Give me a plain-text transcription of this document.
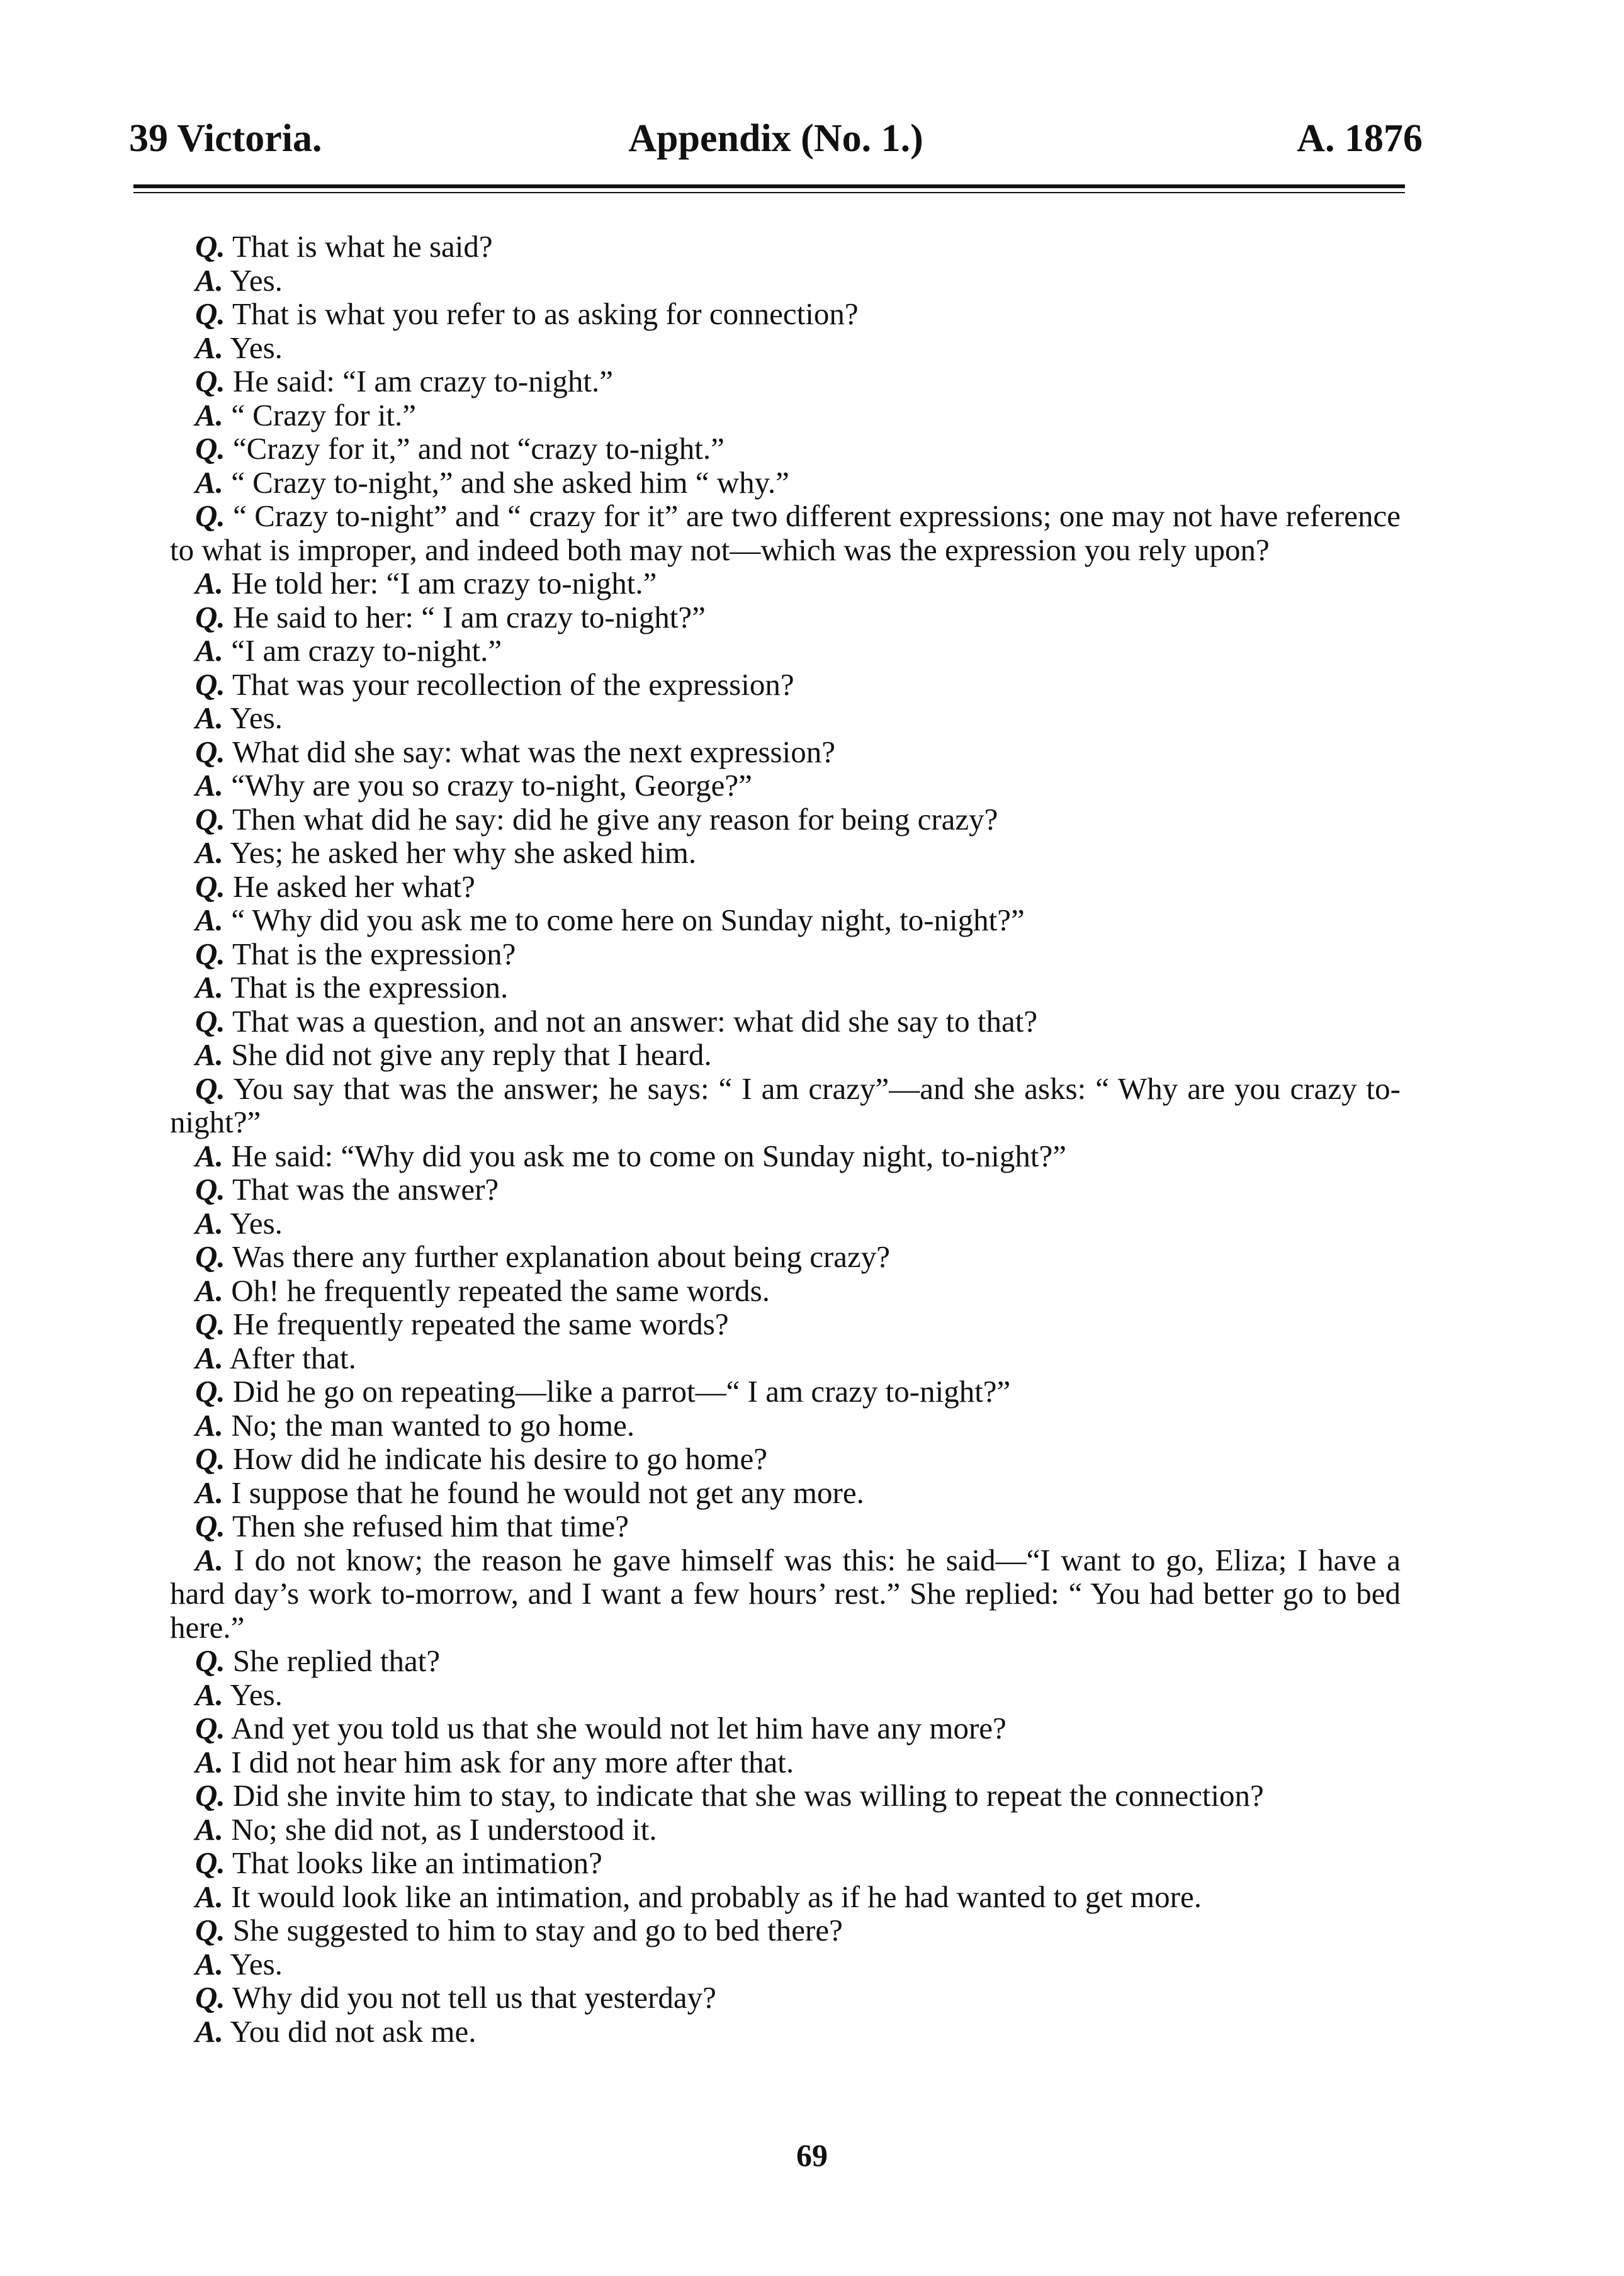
39 Victoria.	Appendix (No. 1.)	A. 1876
Q. That is what he said?
A. Yes.
Q. That is what you refer to as asking for connection?
A. Yes.
Q. He said: “I am crazy to-night.”
A. “ Crazy for it.”
Q. “Crazy for it,” and not “crazy to-night.”
A. “ Crazy to-night,” and she asked him “ why.”
Q. “ Crazy to-night” and “ crazy for it” are two different expressions; one may not have reference to what is improper, and indeed both may not—which was the expression you rely upon?
A. He told her: “I am crazy to-night.”
Q. He said to her: “ I am crazy to-night?”
A. “I am crazy to-night.”
Q. That was your recollection of the expression?
A. Yes.
Q. What did she say: what was the next expression?
A. “Why are you so crazy to-night, George?”
Q. Then what did he say: did he give any reason for being crazy?
A. Yes; he asked her why she asked him.
Q. He asked her what?
A. “ Why did you ask me to come here on Sunday night, to-night?”
Q. That is the expression?
A. That is the expression.
Q. That was a question, and not an answer: what did she say to that?
A. She did not give any reply that I heard.
Q. You say that was the answer; he says: “ I am crazy”—and she asks: “ Why are you crazy to-night?”
A. He said: “Why did you ask me to come on Sunday night, to-night?”
Q. That was the answer?
A. Yes.
Q. Was there any further explanation about being crazy?
A. Oh! he frequently repeated the same words.
Q. He frequently repeated the same words?
A. After that.
Q. Did he go on repeating—like a parrot—“ I am crazy to-night?”
A. No; the man wanted to go home.
Q. How did he indicate his desire to go home?
A. I suppose that he found he would not get any more.
Q. Then she refused him that time?
A. I do not know; the reason he gave himself was this: he said—“I want to go, Eliza; I have a hard day’s work to-morrow, and I want a few hours’ rest.” She replied: “ You had better go to bed here.”
Q. She replied that?
A. Yes.
Q. And yet you told us that she would not let him have any more?
A. I did not hear him ask for any more after that.
Q. Did she invite him to stay, to indicate that she was willing to repeat the connection?
A. No; she did not, as I understood it.
Q. That looks like an intimation?
A. It would look like an intimation, and probably as if he had wanted to get more.
Q. She suggested to him to stay and go to bed there?
A. Yes.
Q. Why did you not tell us that yesterday?
A. You did not ask me.
69
